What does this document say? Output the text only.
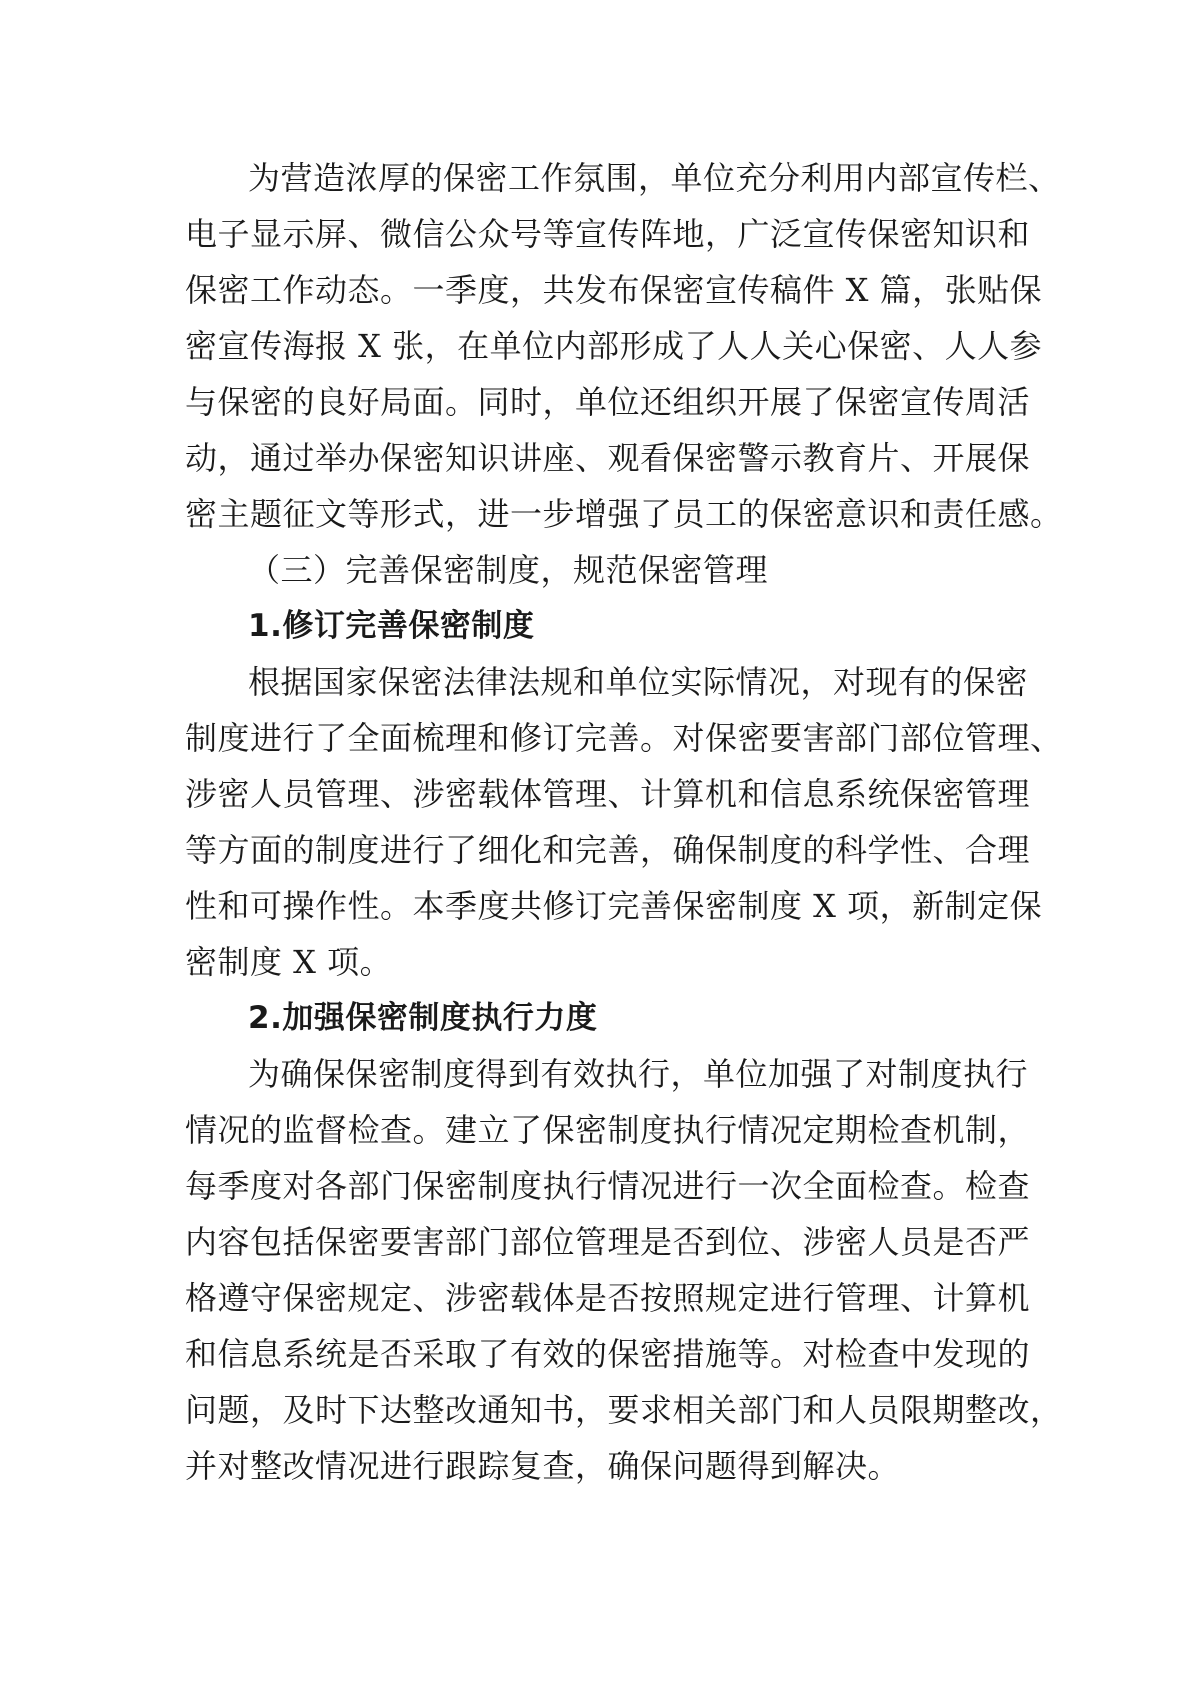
为营造浓厚的保密工作氛围，单位充分利用内部宣传栏、
电子显示屏、微信公众号等宣传阵地，广泛宣传保密知识和
保密工作动态。一季度，共发布保密宣传稿件 X 篇，张贴保
密宣传海报 X 张，在单位内部形成了人人关心保密、人人参
与保密的良好局面。同时，单位还组织开展了保密宣传周活
动，通过举办保密知识讲座、观看保密警示教育片、开展保
密主题征文等形式，进一步增强了员工的保密意识和责任感。
（三）完善保密制度，规范保密管理
1.修订完善保密制度
根据国家保密法律法规和单位实际情况，对现有的保密
制度进行了全面梳理和修订完善。对保密要害部门部位管理、
涉密人员管理、涉密载体管理、计算机和信息系统保密管理
等方面的制度进行了细化和完善，确保制度的科学性、合理
性和可操作性。本季度共修订完善保密制度 X 项，新制定保
密制度 X 项。
2.加强保密制度执行力度
为确保保密制度得到有效执行，单位加强了对制度执行
情况的监督检查。建立了保密制度执行情况定期检查机制，
每季度对各部门保密制度执行情况进行一次全面检查。检查
内容包括保密要害部门部位管理是否到位、涉密人员是否严
格遵守保密规定、涉密载体是否按照规定进行管理、计算机
和信息系统是否采取了有效的保密措施等。对检查中发现的
问题，及时下达整改通知书，要求相关部门和人员限期整改，
并对整改情况进行跟踪复查，确保问题得到解决。
